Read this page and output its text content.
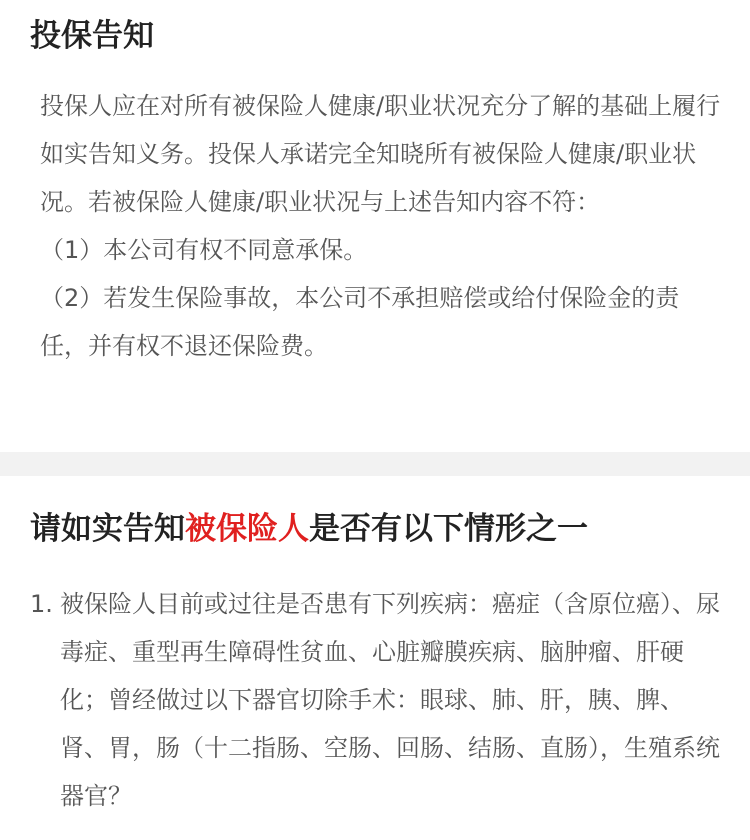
投保告知

投保人应在对所有被保险人健康/职业状况充分了解的基础上履行如实告知义务。投保人承诺完全知晓所有被保险人健康/职业状况。若被保险人健康/职业状况与上述告知内容不符：

（1）本公司有权不同意承保。

（2）若发生保险事故，本公司不承担赔偿或给付保险金的责任，并有权不退还保险费。

请如实告知被保险人是否有以下情形之一
1. 被保险人目前或过往是否患有下列疾病：癌症（含原位癌）、尿毒症、重型再生障碍性贫血、心脏瓣膜疾病、脑肿瘤、肝硬化；曾经做过以下器官切除手术：眼球、肺、肝，胰、脾、肾、胃，肠（十二指肠、空肠、回肠、结肠、直肠），生殖系统器官？
